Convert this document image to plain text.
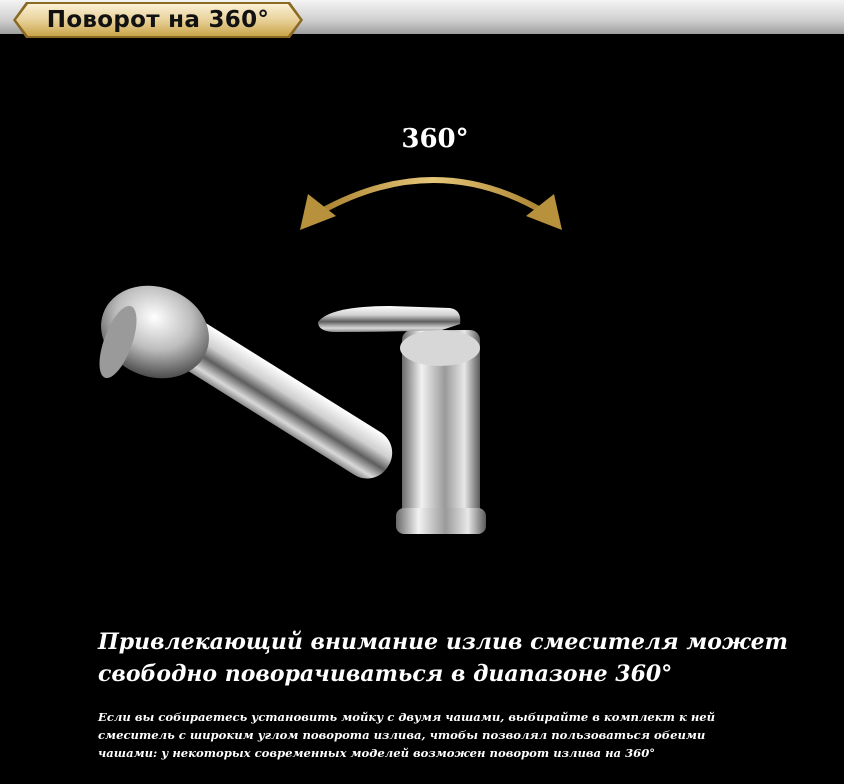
Поворот на 360°
360°
Привлекающий внимание излив смесителя может
свободно поворачиваться в диапазоне 360°
Если вы собираетесь установить мойку с двумя чашами, выбирайте в комплект к ней
смеситель с широким углом поворота излива, чтобы позволял пользоваться обеими
чашами: у некоторых современных моделей возможен поворот излива на 360°
